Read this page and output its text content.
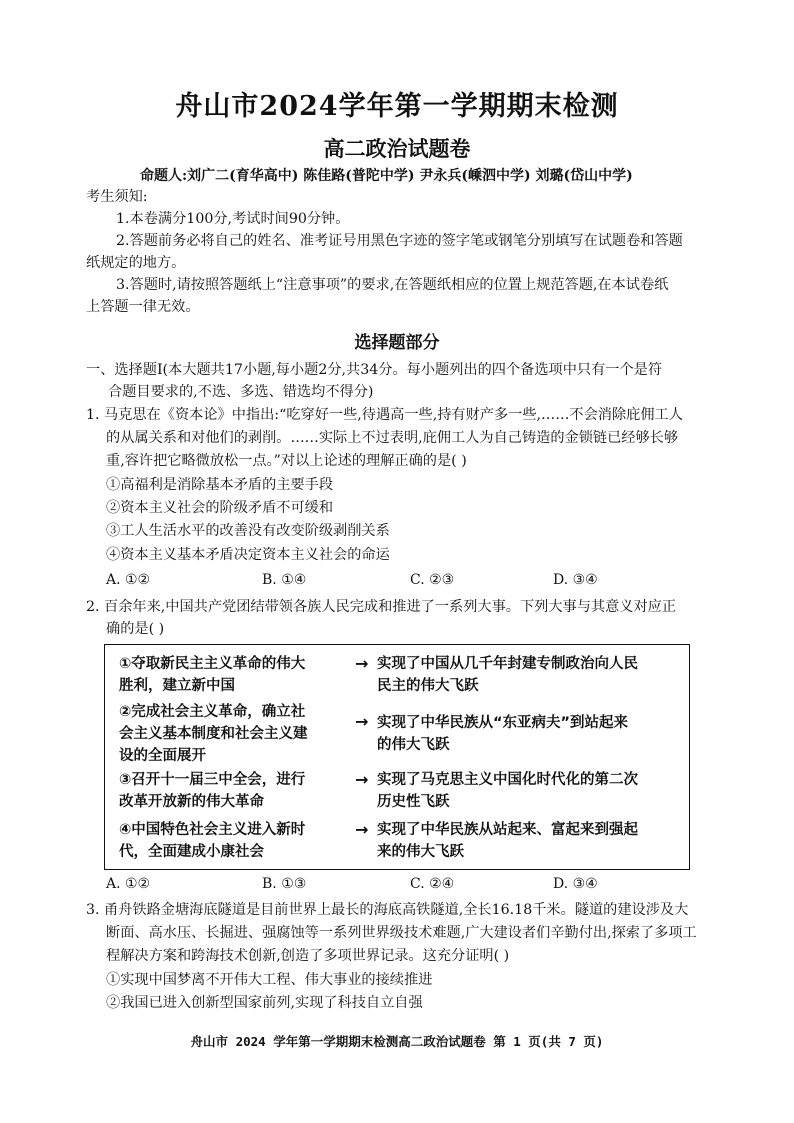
舟山市2024学年第一学期期末检测
高二政治试题卷
命题人:刘广二(育华高中) 陈佳路(普陀中学) 尹永兵(嵊泗中学) 刘璐(岱山中学)
考生须知:
1.本卷满分100分,考试时间90分钟。
2.答题前务必将自己的姓名、准考证号用黑色字迹的签字笔或钢笔分别填写在试题卷和答题
纸规定的地方。
3.答题时,请按照答题纸上“注意事项”的要求,在答题纸相应的位置上规范答题,在本试卷纸
上答题一律无效。
选择题部分
一、选择题Ⅰ(本大题共17小题,每小题2分,共34分。每小题列出的四个备选项中只有一个是符
合题目要求的,不选、多选、错选均不得分)
1. 马克思在《资本论》中指出:“吃穿好一些,待遇高一些,持有财产多一些,……不会消除庇佣工人
的从属关系和对他们的剥削。……实际上不过表明,庇佣工人为自己铸造的金锁链已经够长够
重,容许把它略微放松一点。”对以上论述的理解正确的是( )
①高福利是消除基本矛盾的主要手段
②资本主义社会的阶级矛盾不可缓和
③工人生活水平的改善没有改变阶级剥削关系
④资本主义基本矛盾决定资本主义社会的命运
A. ①②	B. ①④	C. ②③	D. ③④
2. 百余年来,中国共产党团结带领各族人民完成和推进了一系列大事。下列大事与其意义对应正
确的是( )
①夺取新民主主义革命的伟大
胜利，建立新中国
→ 实现了中国从几千年封建专制政治向人民
民主的伟大飞跃
②完成社会主义革命，确立社
会主义基本制度和社会主义建
设的全面展开
→ 实现了中华民族从“东亚病夫”到站起来
的伟大飞跃
③召开十一届三中全会，进行
改革开放新的伟大革命
→ 实现了马克思主义中国化时代化的第二次
历史性飞跃
④中国特色社会主义进入新时
代，全面建成小康社会
→ 实现了中华民族从站起来、富起来到强起
来的伟大飞跃
A. ①②	B. ①③	C. ②④	D. ③④
3. 甬舟铁路金塘海底隧道是目前世界上最长的海底高铁隧道,全长16.18千米。隧道的建设涉及大
断面、高水压、长掘进、强腐蚀等一系列世界级技术难题,广大建设者们辛勤付出,探索了多项工
程解决方案和跨海技术创新,创造了多项世界记录。这充分证明( )
①实现中国梦离不开伟大工程、伟大事业的接续推进
②我国已进入创新型国家前列,实现了科技自立自强
舟山市 2024 学年第一学期期末检测高二政治试题卷 第 1 页(共 7 页)
